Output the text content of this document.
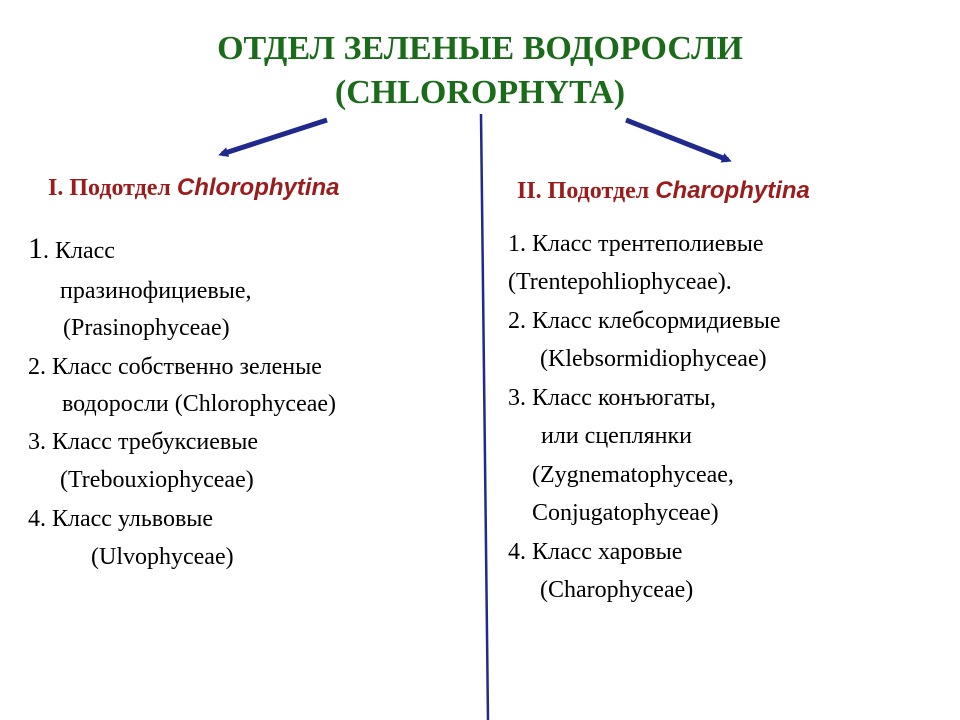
ОТДЕЛ ЗЕЛЕНЫЕ ВОДОРОСЛИ
(CHLOROPHYTA)
I. Подотдел Chlorophytina
1. Класс
празинофициевые,
(Prasinophyceae)
2. Класс собственно зеленые
водоросли (Chlorophyceae)
3. Класс требуксиевые
(Trebouxiophyceae)
4. Класс ульвовые
(Ulvophyceae)
II. Подотдел Charophytina
1. Класс трентеполиевые
(Trentepohliophyceae).
2. Класс клебсормидиевые
(Klebsormidiophyceae)
3. Класс конъюгаты,
или сцеплянки
(Zygnematophyceae,
Conjugatophyceae)
4. Класс харовые
(Charophyceae)
